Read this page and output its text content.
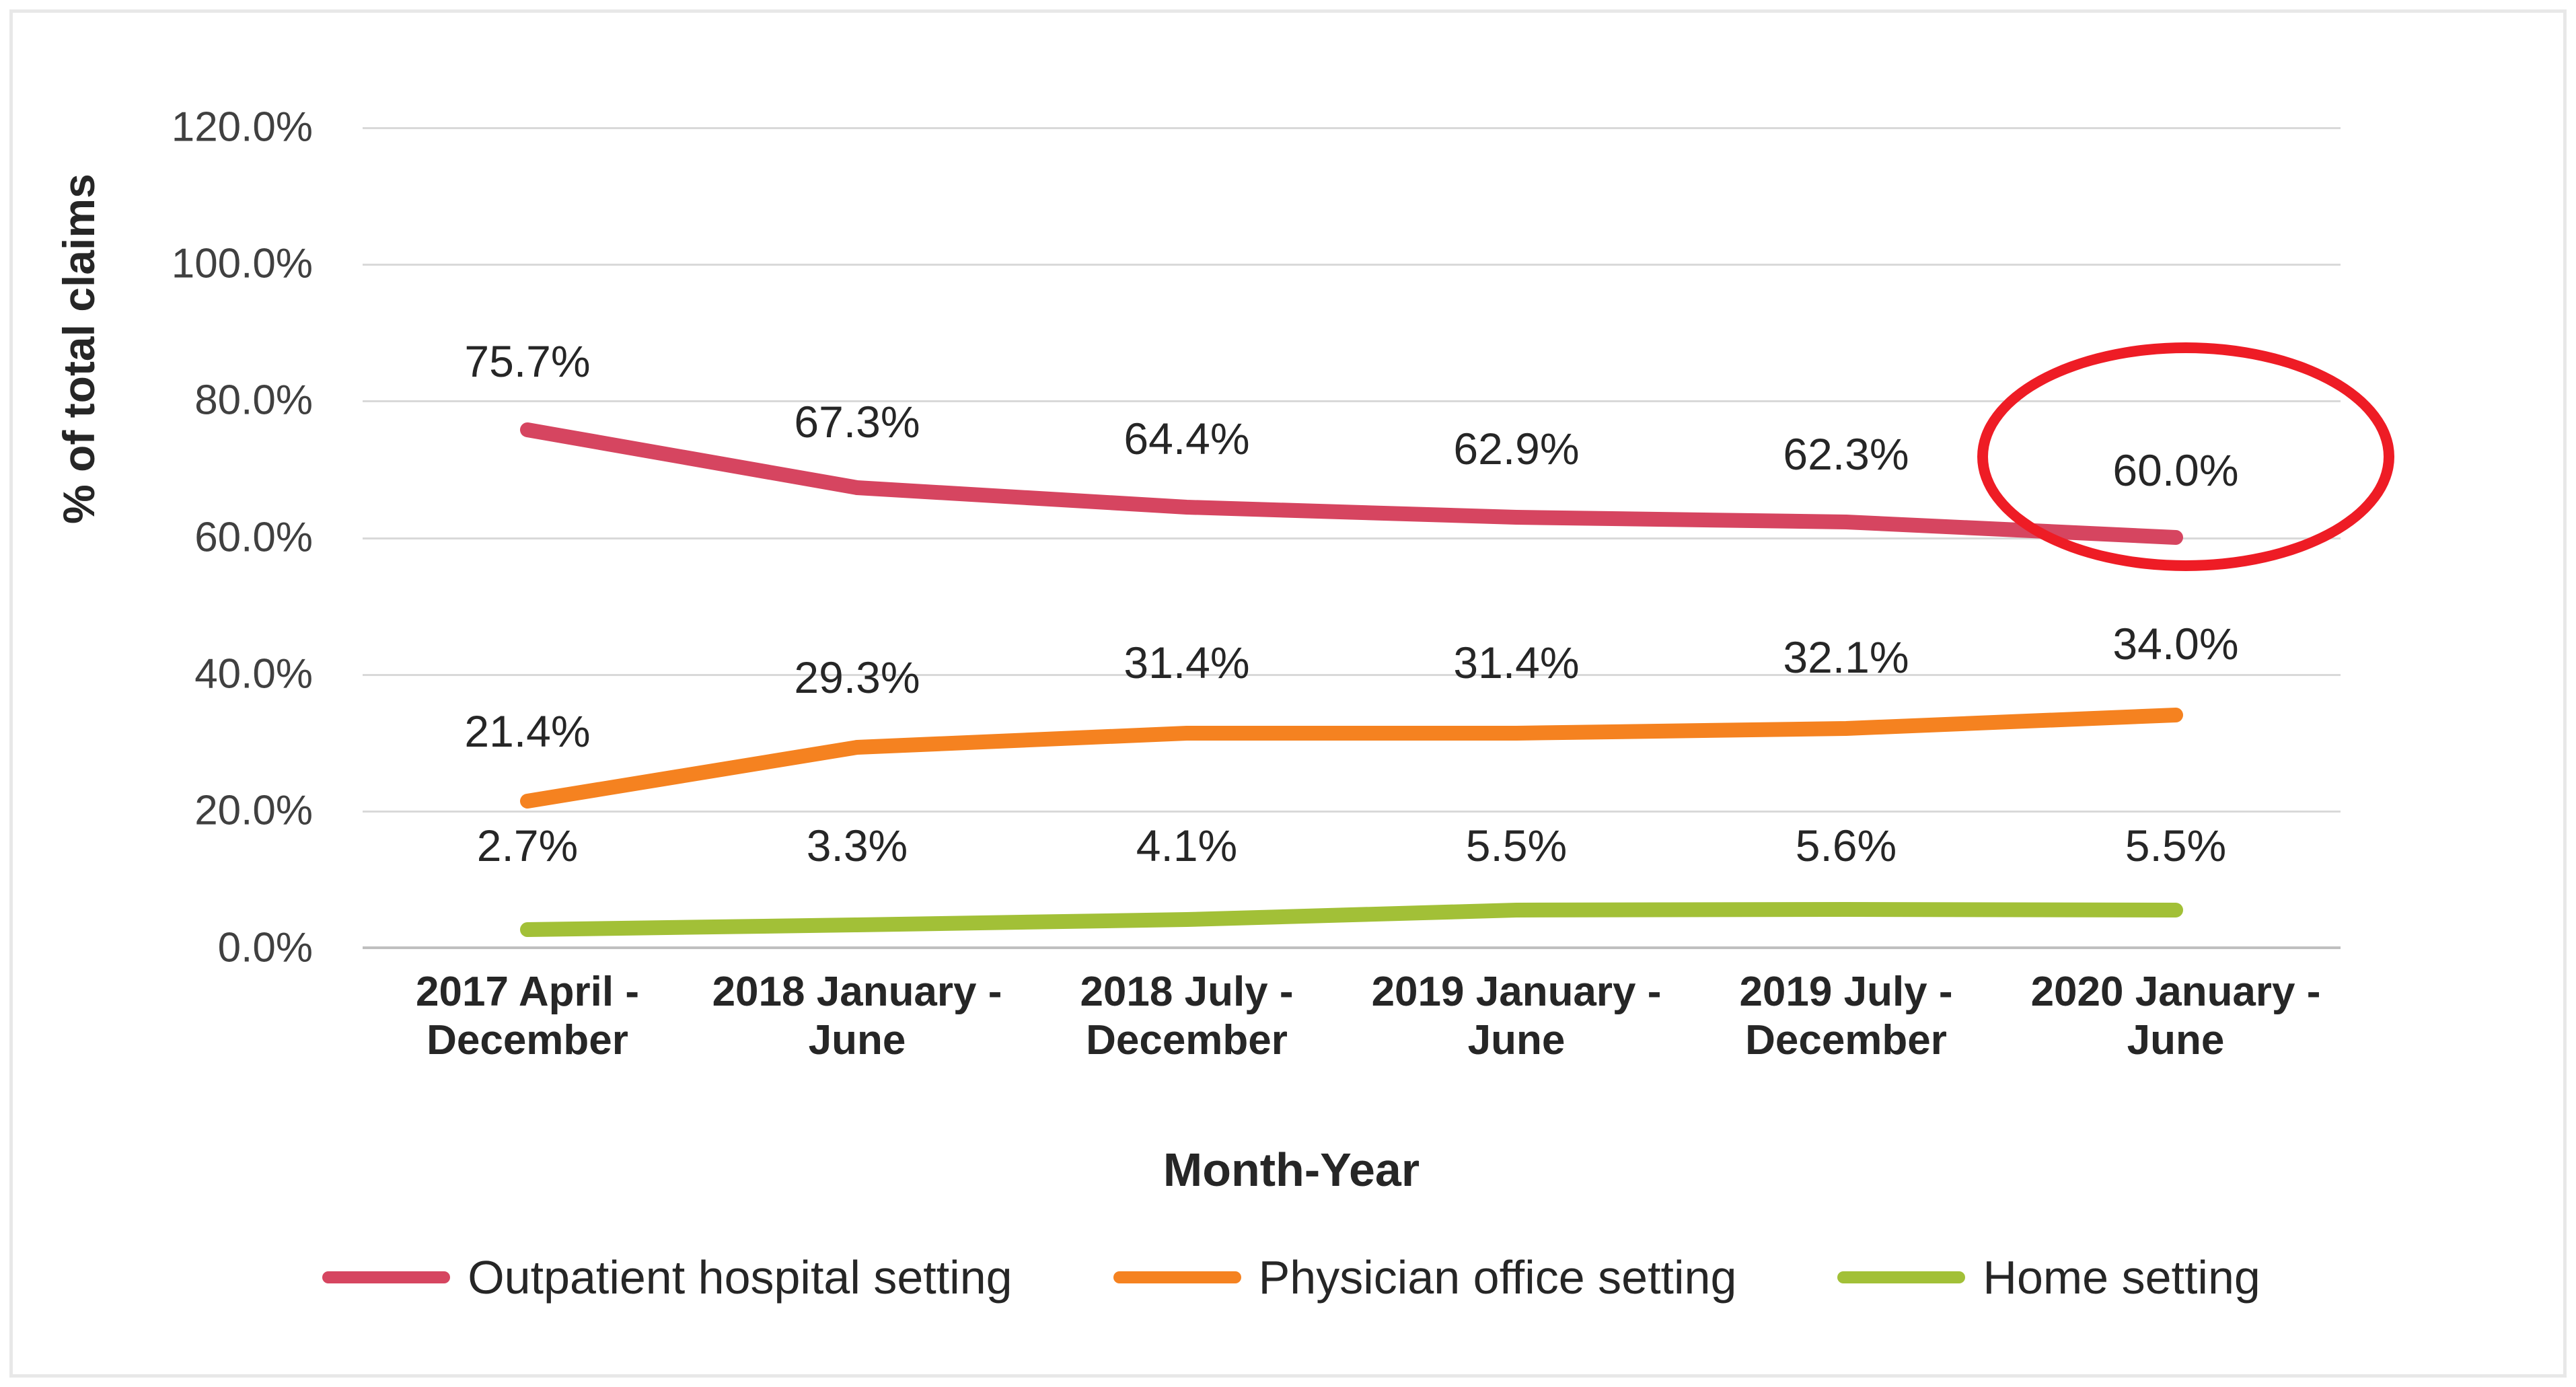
% of total claims
120.0%
100.0%
80.0%
60.0%
40.0%
20.0%
0.0%
75.7%
67.3%	64.4%	62.9%	62.3%	60.0%
21.4%
29.3%	31.4%	31.4%	32.1%	34.0%
2.7%	3.3%	4.1%	5.5%	5.6%	5.5%
2017 April - December
2018 January - June
2018 July - December
2019 January - June
2019 July - December
2020 January - June
Month-Year
Outpatient hospital setting	Physician office setting	Home setting
